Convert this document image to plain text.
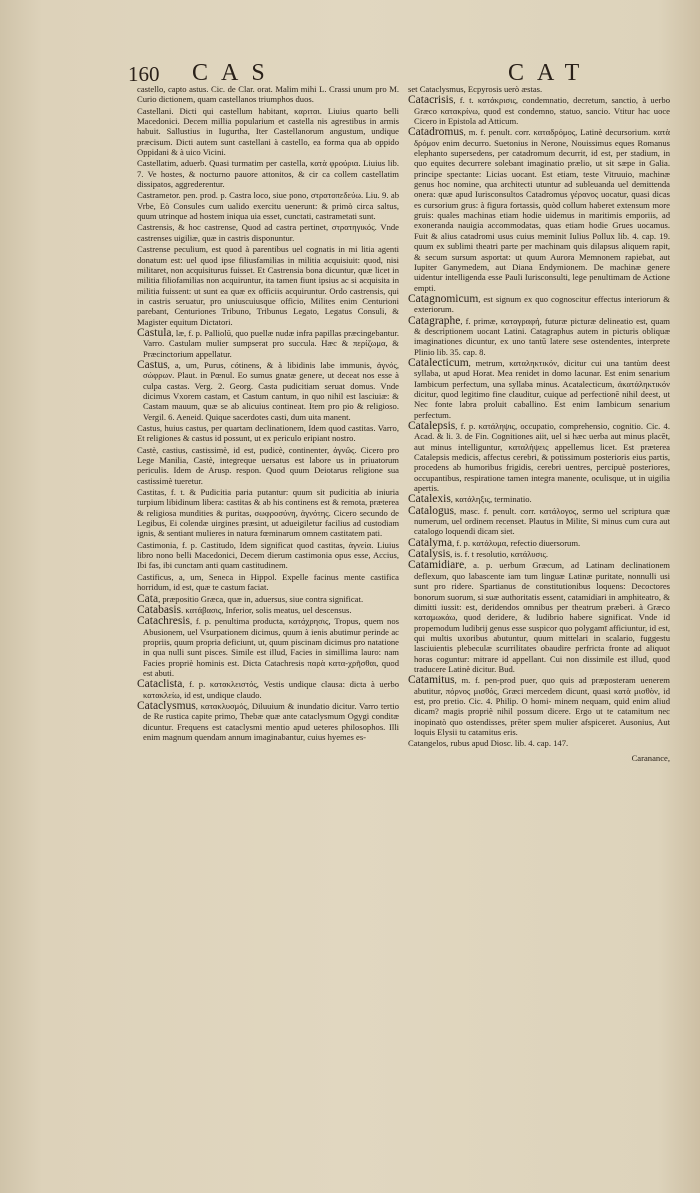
160 CAS	CAT

castello, capto astus. Cic. de Clar. orat. Malim mihi L. Crassi unum pro M. Curio dictionem, quam castellanos triumphos duos.

Castellani. Dicti qui castellum habitant, καριται. Liuius quarto belli Macedonici. Decem millia popularium et castella nis agrestibus in armis habuit. Sallustius in Iugurtha, Iter Castellanorum angustum, undique præcisum. Dicti autem sunt castellani à castello, ea forma qua ab oppido Oppidani & à uico Vicini.

Castellatim, aduerb. Quasi turmatim per castella, κατὰ φρούρια. Liuius lib. 7. Ve hostes, & nocturno pauore attonitos, & cir ca collem castellatim dissipatos, aggrederentur.

Castrametor. pen. prod. p. Castra loco, siue pono, στρατοπεδεύω. Liu. 9. ab Vrbe, Eò Consules cum ualido exercitu uenerunt: & primò circa saltus, quum utrinque ad hostem iniqua uia esset, cunctati, castrametati sunt.

Castrensis, & hoc castrense, Quod ad castra pertinet, στρατηγικός. Vnde castrenses uigiliæ, quæ in castris disponuntur.

Castrense peculium, est quod à parentibus uel cognatis in mi litia agenti donatum est: uel quod ipse filiusfamilias in militia acquisiuit: quod, nisi militaret, non acquisiturus fuisset. Et Castrensia bona dicuntur, quæ licet in militia filiofamilias non acquiruntur, ita tamen fiunt ipsius ac si acquisita in militia fuissent: ut sunt ea quæ ex officiis acquiruntur. Ordo castrensis, qui in castris seruatur, pro uniuscuiusque officio, Milites enim Centurioni parebant, Centuriones Tribuno, Tribunus Legato, Legatus Consuli, & Magister equitum Dictatori.

Castula, læ, f. p. Palliolū, quo puellæ nudæ infra papillas præcingebantur. Varro. Castulam mulier sumpserat pro succula. Hæc & περίζωμα, & Præcinctorium appellatur.

Castus, a, um, Purus, cótinens, & à libidinis labe immunis, ἁγνός, σώφρων. Plaut. in Pœnul. Eo sumus gnatæ genere, ut deceat nos esse à culpa castas. Verg. 2. Georg. Casta pudicitiam seruat domus. Vnde dicimus Vxorem castam, et Castum cantum, in quo nihil est lasciuiæ: & Castam mauum, quæ se ab alicuius contineat. Item pro pio & religioso. Vergil. 6. Aeneid. Quique sacerdotes casti, dum uita manent.

Castus, huius castus, per quartam declinationem, Idem quod castitas. Varro, Et religiones & castus id possunt, ut ex periculo eripiant nostro.

Castè, castius, castissimè, id est, pudicè, continenter, ἁγνῶς. Cicero pro Lege Manilia, Castè, integreque uersatus est labore us in priuatorum periculis. Idem de Arusp. respon. Quod quum Deiotarus religione sua castissimè tueretur.

Castitas, f. t. & Pudicitia paria putantur: quum sit pudicitia ab iniuria turpium libidinum libera: castitas & ab his continens est & remota, præterea & religiosa mundities & puritas, σωφροσύνη, ἁγνότης. Cicero secundo de Legibus, Ei colendæ uirgines præsint, ut adueigiletur facilius ad custodiam ignis, & sentiant mulieres in natura fœminarum omnem castitatem pati.

Castimonia, f. p. Castitudo, Idem significat quod castitas, ἁγνεία. Liuius libro nono belli Macedonici, Decem dierum castimonia opus esse, Accius, Ibi fas, ibi cunctam anti quam castitudinem.

Castificus, a, um, Seneca in Hippol. Expelle facinus mente castifica horridum, id est, quæ te castum faciat.

Cata, præpositio Græca, quæ in, aduersus, siue contra significat.

Catabasis. κατάβασις, Inferior, solis meatus, uel descensus.

Catachresis, f. p. penultima producta, κατάχρησις, Tropus, quem nos Abusionem, uel Vsurpationem dicimus, quum à ienis abutimur perinde ac propriis, quum propria deficiunt, ut, quum piscinam dicimus pro natatione in qua nulli sunt pisces. Simile est illud, Facies in simillima lauro: nam Facies propriè hominis est. Dicta Catachresis παρὰ κατα-χρῆσθαι, quod est abuti.

Cataclista, f. p. κατακλειστός, Vestis undique clausa: dicta à uerbo κατακλείω, id est, undique claudo.

Cataclysmus, κατακλυσμός, Diluuium & inundatio dicitur. Varro tertio de Re rustica capite primo, Thebæ quæ ante cataclysmum Ogygi conditæ dicuntur. Frequens est cataclysmi mentio apud ueteres philosophos. Illi enim magnum quendam annum imaginabantur, cuius hyemes es-

set Cataclysmus, Ecpyrosis uerò æstas.

Catacrisis, f. t. κατάκρισις, condemnatio, decretum, sanctio, à uerbo Græco κατακρίνω, quod est condemno, statuo, sancio. Vtitur hac uoce Cicero in Epistola ad Atticum.

Catadromus, m. f. penult. corr. καταδρόμος, Latinè decursorium. κατὰ δρόμον enim decurro. Suetonius in Nerone, Nouissimus eques Romanus elephanto supersedens, per catadromum decurrit, id est, per stadium, in quo equites decurrere solebant imaginatio prælio, ut sit sæpe in Galia. principe spectante: Licias uocant. Est etiam, teste Vitruuio, machinæ genus hoc nomine, qua architecti utuntur ad subleuanda uel demittenda onera: quæ apud Iurisconsultos Catadromus γέρανος uocatur, quasi dicas es cursorium grus: à figura fortassis, quòd collum haberet extensum more gruis: quales machinas etiam hodie uidemus in maritimis emporiis, ad exoneranda nauigia accommodatas, quas etiam hodie Grues uocamus. Fuit & alius catadromi usus cuius meminit Iulius Pollux lib. 4. cap. 19. quum ex sublimi theatri parte per machinam quis dilapsus aliquem rapit, & secum sursum asportat: ut quum Aurora Memnonem rapiebat, aut Iupiter Ganymedem, aut Diana Endymionem. De machinæ genere uidentur intelligenda esse Pauli Iurisconsulti, lege penultimam de Actione empti.

Catagnomicum, est signum ex quo cognoscitur effectus interiorum & exteriorum.

Catagraphe, f. primæ, καταγραφή, futuræ picturæ delineatio est, quam & descriptionem uocant Latini. Catagraphus autem in picturis obliquæ imaginationes dicuntur, ex uno tantū latere sese ostendentes, interprete Plinio lib. 35. cap. 8.

Catalecticum, metrum, καταληκτικόν, dicitur cui una tantùm deest syllaba, ut apud Horat. Mea renidet in domo lacunar. Est enim senarium Iambicum perfectum, una syllaba minus. Acatalecticum, ἀκατάληκτικόν dicitur, quod legitimo fine clauditur, cuique ad perfectionē nihil deest, ut Nec fonte labra proluit caballino. Est enim Iambicum senarium perfectum.

Catalepsis, f. p. κατάληψις, occupatio, comprehensio, cognitio. Cic. 4. Acad. & li. 3. de Fin. Cognitiones aiit, uel si hæc uerba aut minus placēt, aut minus intelliguntur, καταλήψεις appellemus licet. Est præterea Catalepsis medicis, affectus cerebri, & potissimum posterioris eius partis, procedens ab humoribus frigidis, cerebri uentres, percipuè posteriores, occupantibus, respiratione tamen integra manente, oculisque, ut in uigilia apertis.

Catalexis, κατάληξις, terminatio.

Catalogus, masc. f. penult. corr. κατάλογος, sermo uel scriptura quæ numerum, uel ordinem recenset. Plautus in Milite, Si minus cum cura aut catalogo loquendi dicam siet.

Catalyma, f. p. κατάλυμα, refectio diuersorum.

Catalysis, is. f. t resolutio, κατάλυσις.

Catamidiare, a. p. uerbum Græcum, ad Latinam declinationem deflexum, quo labascente iam tum linguæ Latinæ puritate, nonnulli usi sunt pro ridere. Spartianus de constitutionibus loquens: Decoctores bonorum suorum, si suæ authoritatis essent, catamidiari in amphiteatro, & dimitti iussit: est, deridendos omnibus per theatrum præberi. à Græco καταμωκάω, quod deridere, & ludibrio habere significat. Vnde id propemodum ludibrij genus esse suspicor quo polygamī afficiuntur, id est, qui multis uxoribus abutuntur, quum mittelari in scalario, fuggestu lasciuientis plebeculæ scurrilitates obaudire perfricta fronte ad aliquot horas coguntur: mitrare id appellant. Cui non dissimile est illud, quod traducere Latinè dicitur. Bud.

Catamitus, m. f. pen-prod puer, quo quis ad præposteram uenerem abutitur, πόρνος μισθός, Græci mercedem dicunt, quasi κατὰ μισθὸν, id est, pro pretio. Cic. 4. Philip. O homi- minem nequam, quid enim aliud dicam? magis propriè nihil possum dicere. Ergo ut te catamitum nec inopinatò quo ostendisses, prēter spem mulier afspiceret. Ausonius, Aut loquis Elysii tu catamitus eris.

Catangelos, rubus apud Diosc. lib. 4. cap. 147.

Caranance,
